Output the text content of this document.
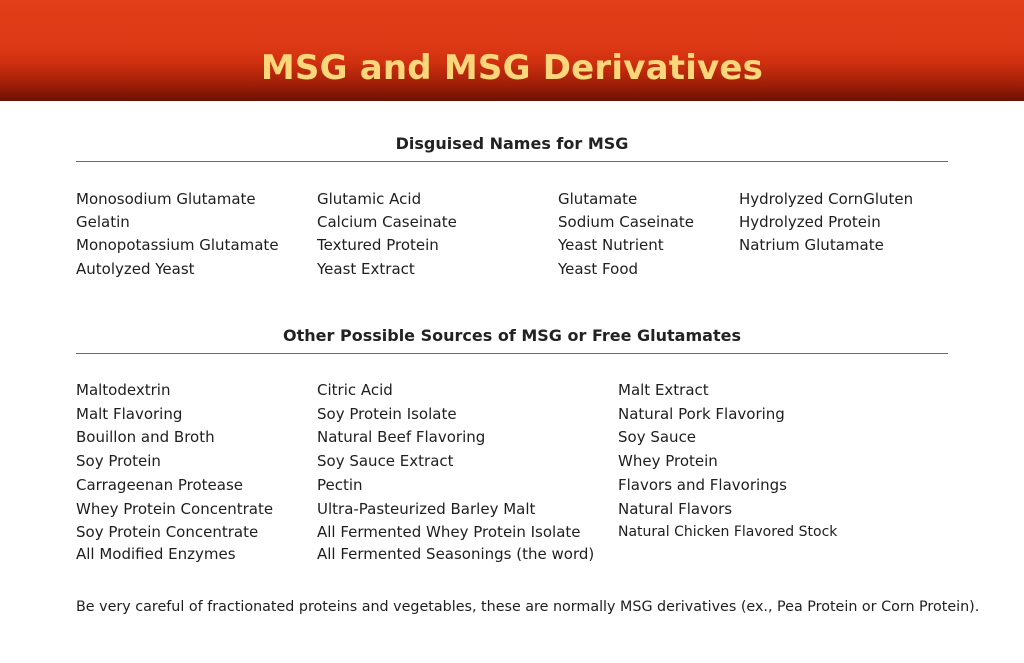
MSG and MSG Derivatives
Disguised Names for MSG
Monosodium Glutamate
Gelatin
Monopotassium Glutamate
Autolyzed Yeast
Glutamic Acid
Calcium Caseinate
Textured Protein
Yeast Extract
Glutamate
Sodium Caseinate
Yeast Nutrient
Yeast Food
Hydrolyzed CornGluten
Hydrolyzed Protein
Natrium Glutamate
Other Possible Sources of MSG or Free Glutamates
Maltodextrin
Malt Flavoring
Bouillon and Broth
Soy Protein
Carrageenan Protease
Whey Protein Concentrate
Soy Protein Concentrate
All Modified Enzymes
Citric Acid
Soy Protein Isolate
Natural Beef Flavoring
Soy Sauce Extract
Pectin
Ultra-Pasteurized Barley Malt
All Fermented Whey Protein Isolate
All Fermented Seasonings (the word)
Malt Extract
Natural Pork Flavoring
Soy Sauce
Whey Protein
Flavors and Flavorings
Natural Flavors
Natural Chicken Flavored Stock
Be very careful of fractionated proteins and vegetables, these are normally MSG derivatives (ex., Pea Protein or Corn Protein).
